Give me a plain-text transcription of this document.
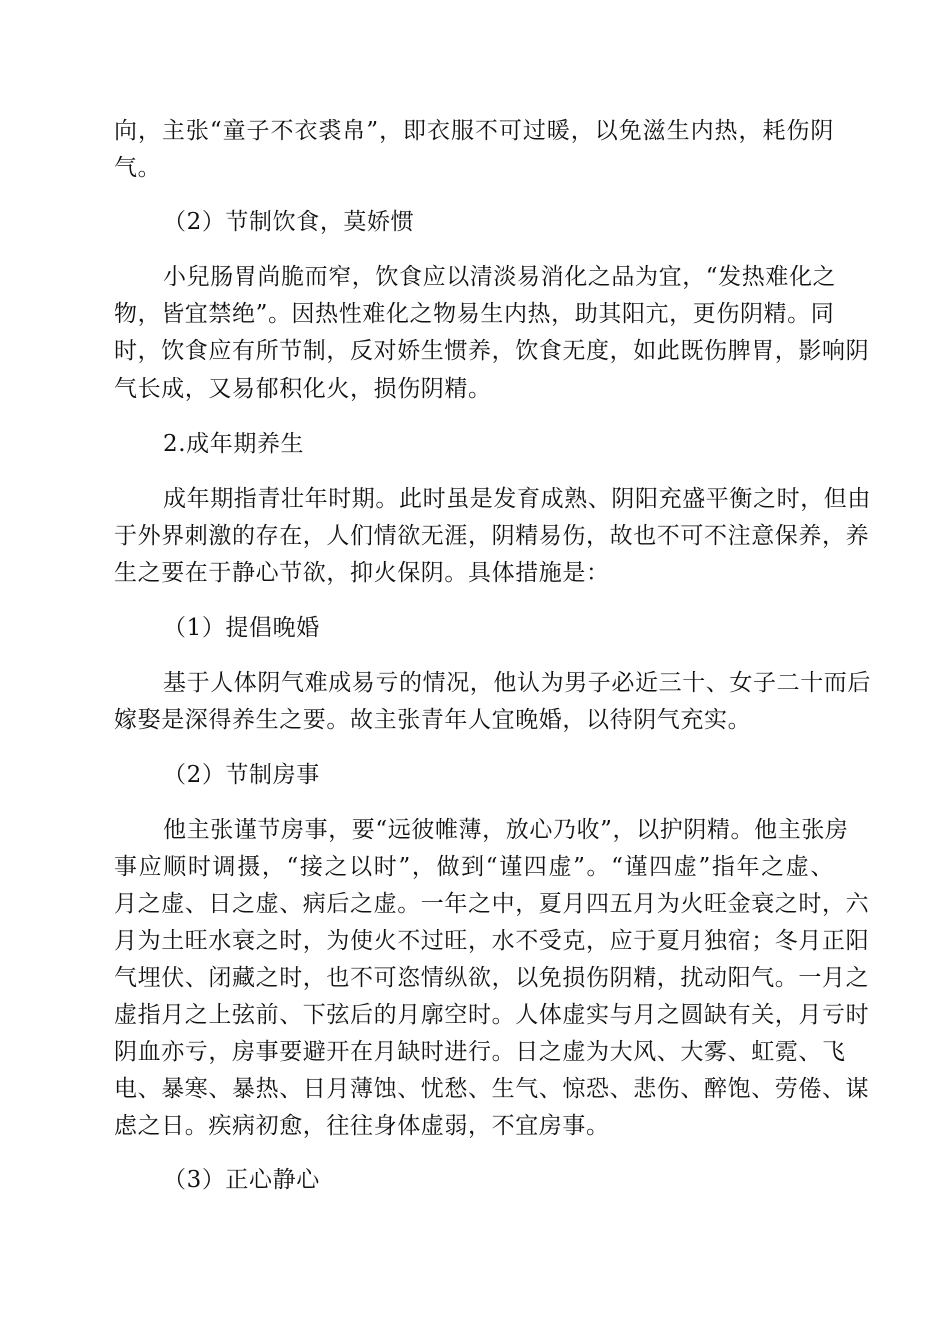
向，主张“童子不衣裘帛”，即衣服不可过暖，以免滋生内热，耗伤阴
气。
（2）节制饮食，莫娇惯
小兒肠胃尚脆而窄，饮食应以清淡易消化之品为宜，“发热难化之
物，皆宜禁绝”。因热性难化之物易生内热，助其阳亢，更伤阴精。同
时，饮食应有所节制，反对娇生惯养，饮食无度，如此既伤脾胃，影响阴
气长成，又易郁积化火，损伤阴精。
2.成年期养生
成年期指青壮年时期。此时虽是发育成熟、阴阳充盛平衡之时，但由
于外界刺激的存在，人们情欲无涯，阴精易伤，故也不可不注意保养，养
生之要在于静心节欲，抑火保阴。具体措施是：
（1）提倡晚婚
基于人体阴气难成易亏的情况，他认为男子必近三十、女子二十而后
嫁娶是深得养生之要。故主张青年人宜晚婚，以待阴气充实。
（2）节制房事
他主张谨节房事，要“远彼帷薄，放心乃收”，以护阴精。他主张房
事应顺时调摄，“接之以时”，做到“谨四虚”。“谨四虚”指年之虚、
月之虚、日之虚、病后之虚。一年之中，夏月四五月为火旺金衰之时，六
月为土旺水衰之时，为使火不过旺，水不受克，应于夏月独宿；冬月正阳
气埋伏、闭藏之时，也不可恣情纵欲，以免损伤阴精，扰动阳气。一月之
虚指月之上弦前、下弦后的月廓空时。人体虚实与月之圆缺有关，月亏时
阴血亦亏，房事要避开在月缺时进行。日之虚为大风、大雾、虹霓、飞
电、暴寒、暴热、日月薄蚀、忧愁、生气、惊恐、悲伤、醉饱、劳倦、谋
虑之日。疾病初愈，往往身体虚弱，不宜房事。
（3）正心静心
